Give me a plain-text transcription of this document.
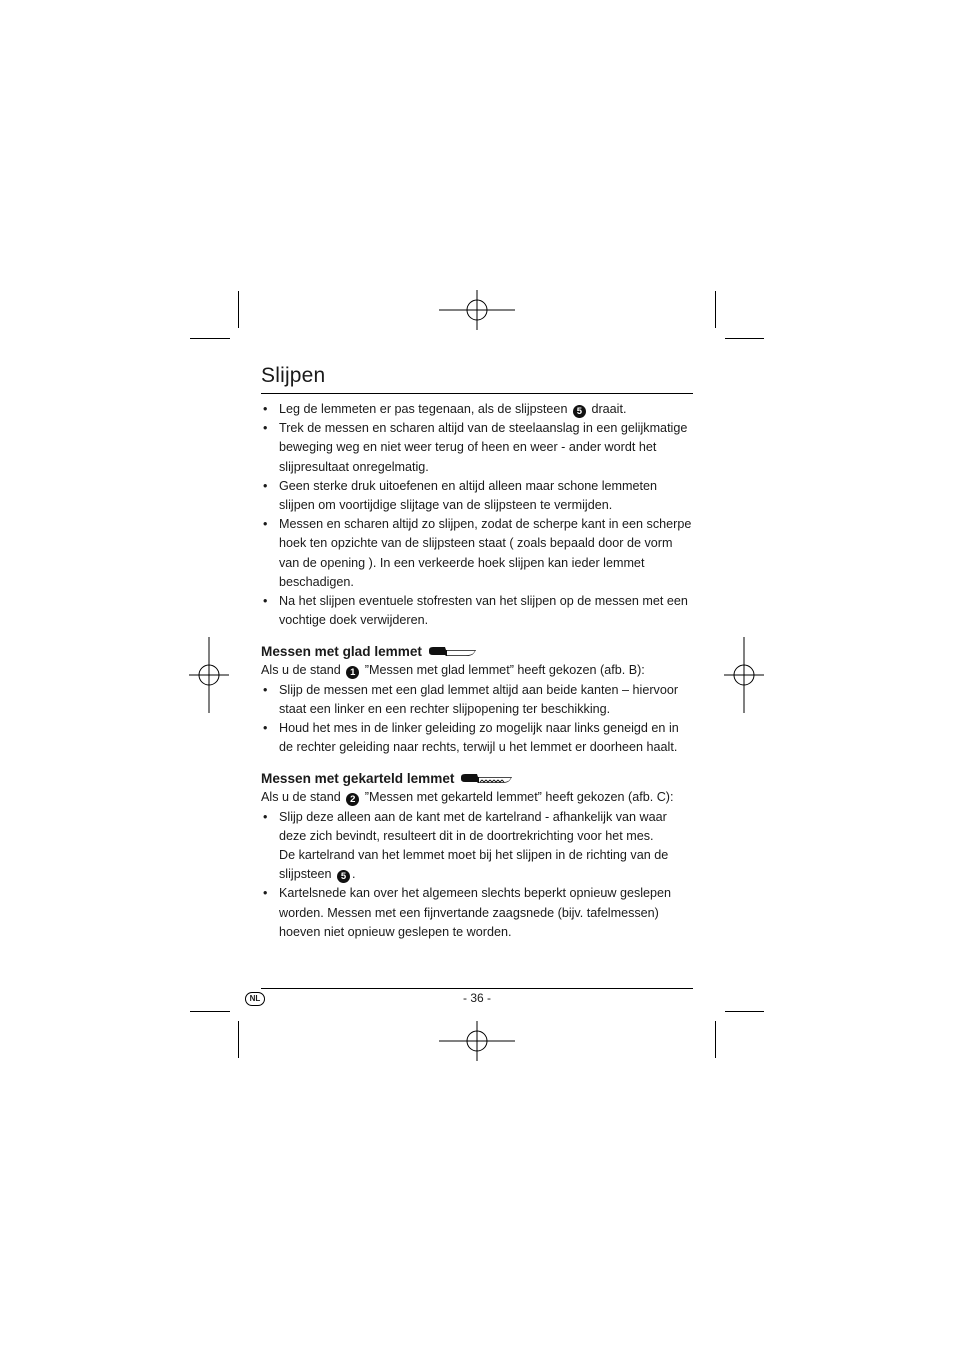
Slijpen
• Leg de lemmeten er pas tegenaan, als de slijpsteen 5 draait.
• Trek de messen en scharen altijd van de steelaanslag in een gelijkmatige beweging weg en niet weer terug of heen en weer - ander wordt het slijpresultaat onregelmatig.
• Geen sterke druk uitoefenen en altijd alleen maar schone lemmeten slijpen om voortijdige slijtage van de slijpsteen te vermijden.
• Messen en scharen altijd zo slijpen, zodat de scherpe kant in een scherpe hoek ten opzichte van de slijpsteen staat ( zoals bepaald door de vorm van de opening ). In een verkeerde hoek slijpen kan ieder lemmet beschadigen.
• Na het slijpen eventuele stofresten van het slijpen op de messen met een vochtige doek verwijderen.
Messen met glad lemmet
Als u de stand 1 ”Messen met glad lemmet” heeft gekozen (afb. B):
• Slijp de messen met een glad lemmet altijd aan beide kanten – hiervoor staat een linker en een rechter slijpopening ter beschikking.
• Houd het mes in de linker geleiding zo mogelijk naar links geneigd en in de rechter geleiding naar rechts, terwijl u het lemmet er doorheen haalt.
Messen met gekarteld lemmet
Als u de stand 2 ”Messen met gekarteld lemmet” heeft gekozen (afb. C):
• Slijp deze alleen aan de kant met de kartelrand - afhankelijk van waar deze zich bevindt, resulteert dit in de doortrekrichting voor het mes.
De kartelrand van het lemmet moet bij het slijpen in de richting van de slijpsteen 5 .
• Kartelsnede kan over het algemeen slechts beperkt opnieuw geslepen worden. Messen met een fijnvertande zaagsnede (bijv. tafelmessen) hoeven niet opnieuw geslepen te worden.
NL	- 36 -
